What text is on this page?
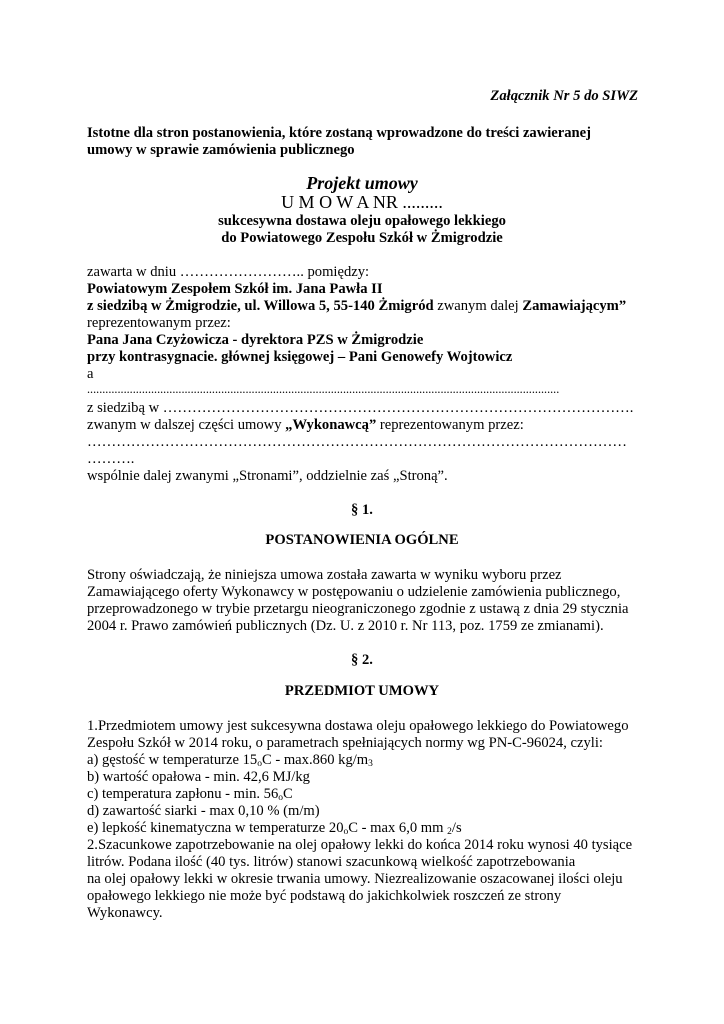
Załącznik Nr 5 do SIWZ
Istotne dla stron postanowienia, które zostaną wprowadzone do treści zawieranej
umowy w sprawie zamówienia publicznego
Projekt umowy
U M O W A NR .........
sukcesywna dostawa oleju opałowego lekkiego
do Powiatowego Zespołu Szkół w Żmigrodzie
zawarta w dniu …………………….. pomiędzy:
Powiatowym Zespołem Szkół im. Jana Pawła II
z siedzibą w Żmigrodzie, ul. Willowa 5, 55-140 Żmigród zwanym dalej Zamawiającym”
reprezentowanym przez:
Pana Jana Czyżowicza - dyrektora PZS w Żmigrodzie
przy kontrasygnacie. głównej księgowej – Pani Genowefy Wojtowicz
a
...........................................................................................................................................................
z siedzibą w …………………………………………………………………………………….
zwanym w dalszej części umowy „Wykonawcą” reprezentowanym przez:
…………………………………………………………………………………………………
……….
wspólnie dalej zwanymi „Stronami”, oddzielnie zaś „Stroną”.
§ 1.
POSTANOWIENIA OGÓLNE
Strony oświadczają, że niniejsza umowa została zawarta w wyniku wyboru przez
Zamawiającego oferty Wykonawcy w postępowaniu o udzielenie zamówienia publicznego,
przeprowadzonego w trybie przetargu nieograniczonego zgodnie z ustawą z dnia 29 stycznia
2004 r. Prawo zamówień publicznych (Dz. U. z 2010 r. Nr 113, poz. 1759 ze zmianami).
§ 2.
PRZEDMIOT UMOWY
1.Przedmiotem umowy jest sukcesywna dostawa oleju opałowego lekkiego do Powiatowego
Zespołu Szkół w 2014 roku, o parametrach spełniających normy wg PN-C-96024, czyli:
a) gęstość w temperaturze $15_oC - \max.860$ $kg/m_3$
b) wartość opałowa - min. 42,6 MJ/kg
c) temperatura zapłonu - min. $56_oC$
d) zawartość siarki - max 0,10 % (m/m)
e) lepkość kinematyczna w temperaturze $20_oC$ - max 6,0 mm $_2$/s
2.Szacunkowe zapotrzebowanie na olej opałowy lekki do końca 2014 roku wynosi 40 tysiące
litrów. Podana ilość (40 tys. litrów) stanowi szacunkową wielkość zapotrzebowania
na olej opałowy lekki w okresie trwania umowy. Niezrealizowanie oszacowanej ilości oleju
opałowego lekkiego nie może być podstawą do jakichkolwiek roszczeń ze strony
Wykonawcy.
